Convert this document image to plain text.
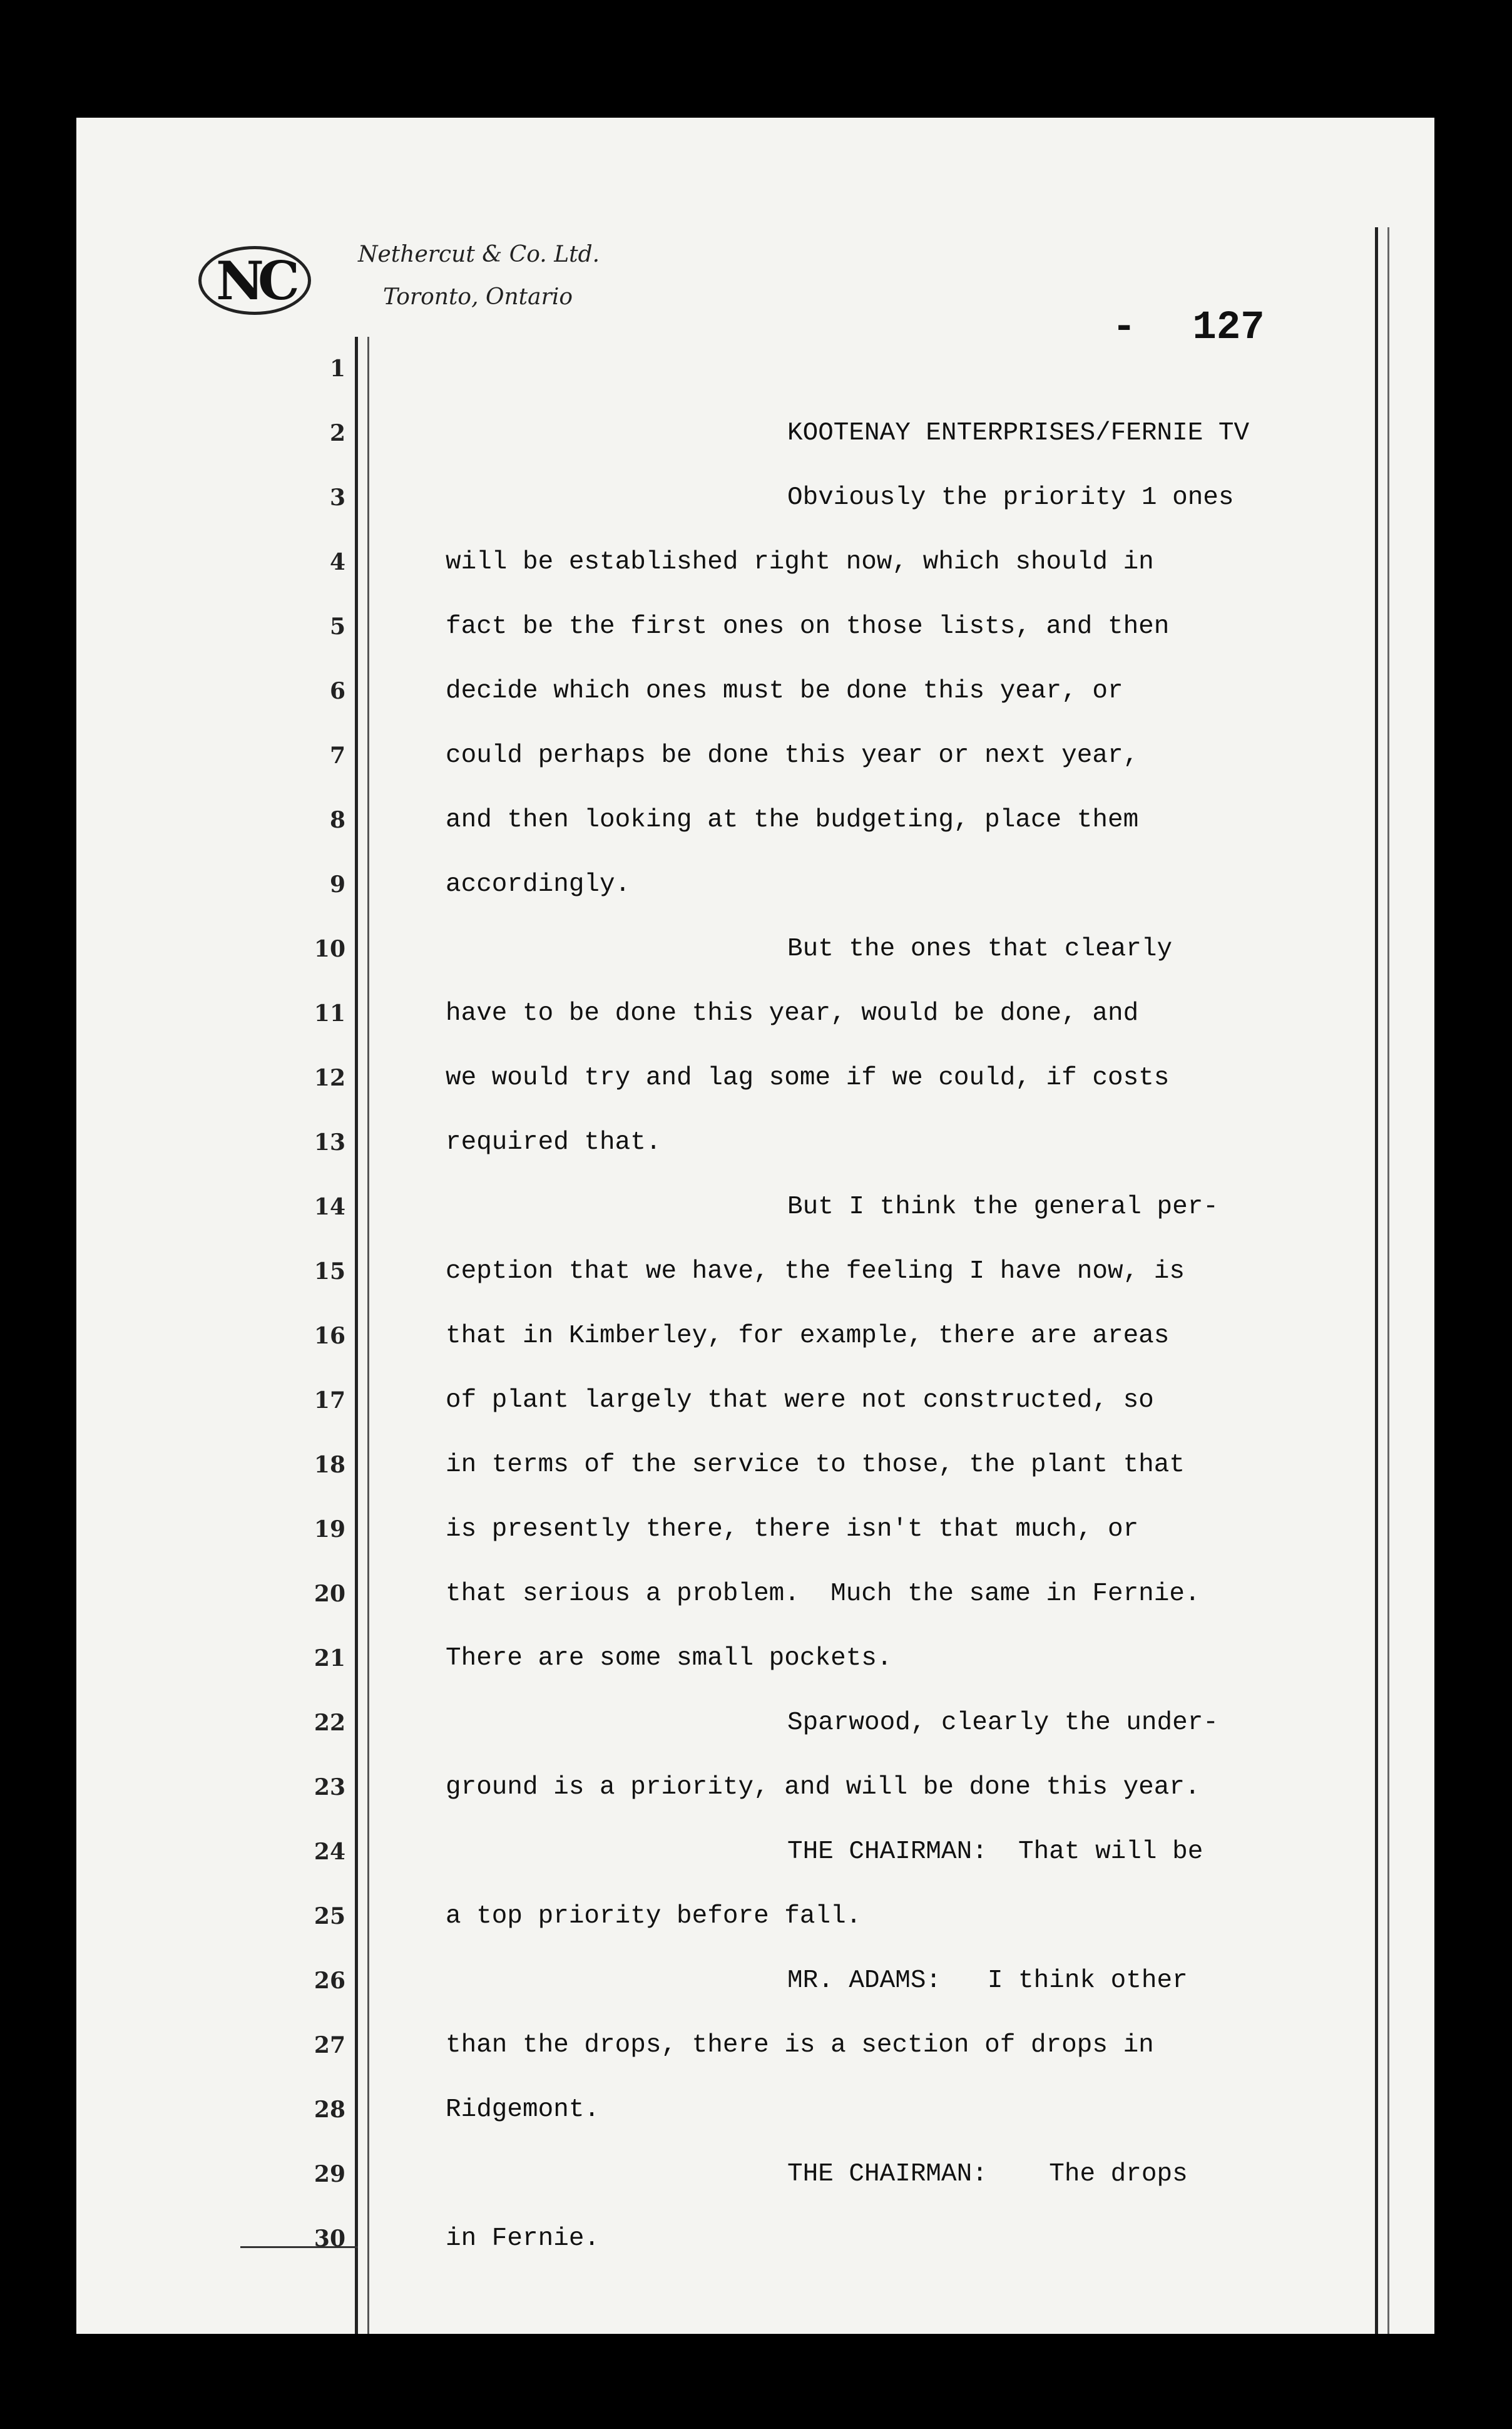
NC	Nethercut & Co. Ltd.
Toronto, Ontario
- 127
1
2
3
4
5
6
7
8
9
10
11
12
13
14
15
16
17
18
19
20
21
22
23
24
25
26
27
28
29
30
KOOTENAY ENTERPRISES/FERNIE TV
Obviously the priority 1 ones
will be established right now, which should in
fact be the first ones on those lists, and then
decide which ones must be done this year, or
could perhaps be done this year or next year,
and then looking at the budgeting, place them
accordingly.
But the ones that clearly
have to be done this year, would be done, and
we would try and lag some if we could, if costs
required that.
But I think the general per-
ception that we have, the feeling I have now, is
that in Kimberley, for example, there are areas
of plant largely that were not constructed, so
in terms of the service to those, the plant that
is presently there, there isn't that much, or
that serious a problem.  Much the same in Fernie.
There are some small pockets.
Sparwood, clearly the under-
ground is a priority, and will be done this year.
THE CHAIRMAN:  That will be
a top priority before fall.
MR. ADAMS:   I think other
than the drops, there is a section of drops in
Ridgemont.
THE CHAIRMAN:    The drops
in Fernie.
